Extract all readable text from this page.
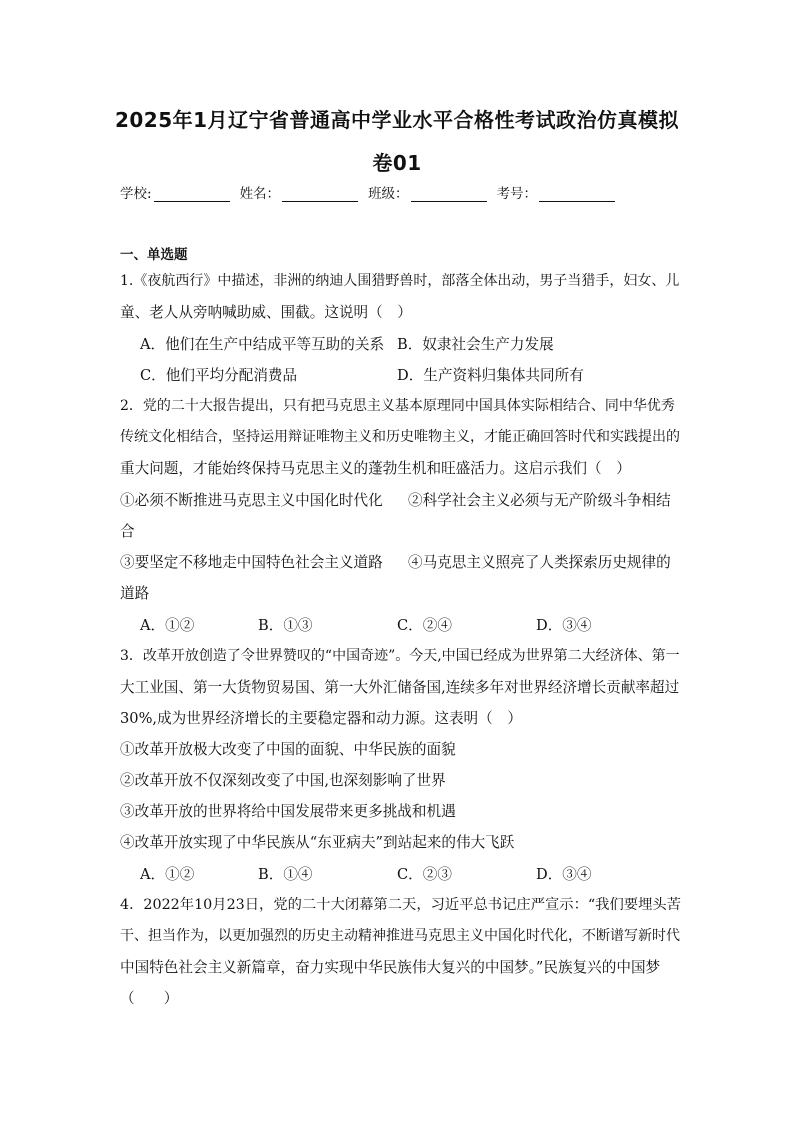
2025年1月辽宁省普通高中学业水平合格性考试政治仿真模拟
卷01
学校:	姓名：	班级：	考号：
一、单选题
1.《夜航西行》中描述，非洲的纳迪人围猎野兽时，部落全体出动，男子当猎手，妇女、儿
童、老人从旁呐喊助威、围截。这说明（　）
A．他们在生产中结成平等互助的关系 B．奴隶社会生产力发展
C．他们平均分配消费品	D．生产资料归集体共同所有
2．党的二十大报告提出，只有把马克思主义基本原理同中国具体实际相结合、同中华优秀
传统文化相结合，坚持运用辩证唯物主义和历史唯物主义，才能正确回答时代和实践提出的
重大问题，才能始终保持马克思主义的蓬勃生机和旺盛活力。这启示我们（　）
①必须不断推进马克思主义中国化时代化 ②科学社会主义必须与无产阶级斗争相结
合
③要坚定不移地走中国特色社会主义道路 ④马克思主义照亮了人类探索历史规律的
道路
A．①②	B．①③	C．②④	D．③④
3．改革开放创造了令世界赞叹的“中国奇迹”。今天,中国已经成为世界第二大经济体、第一
大工业国、第一大货物贸易国、第一大外汇储备国,连续多年对世界经济增长贡献率超过
30%,成为世界经济增长的主要稳定器和动力源。这表明（　）
①改革开放极大改变了中国的面貌、中华民族的面貌
②改革开放不仅深刻改变了中国,也深刻影响了世界
③改革开放的世界将给中国发展带来更多挑战和机遇
④改革开放实现了中华民族从“东亚病夫”到站起来的伟大飞跃
A．①②	B．①④	C．②③	D．③④
4．2022年10月23日，党的二十大闭幕第二天，习近平总书记庄严宣示：“我们要埋头苦
干、担当作为，以更加强烈的历史主动精神推进马克思主义中国化时代化，不断谱写新时代
中国特色社会主义新篇章，奋力实现中华民族伟大复兴的中国梦。”民族复兴的中国梦
（　　）
